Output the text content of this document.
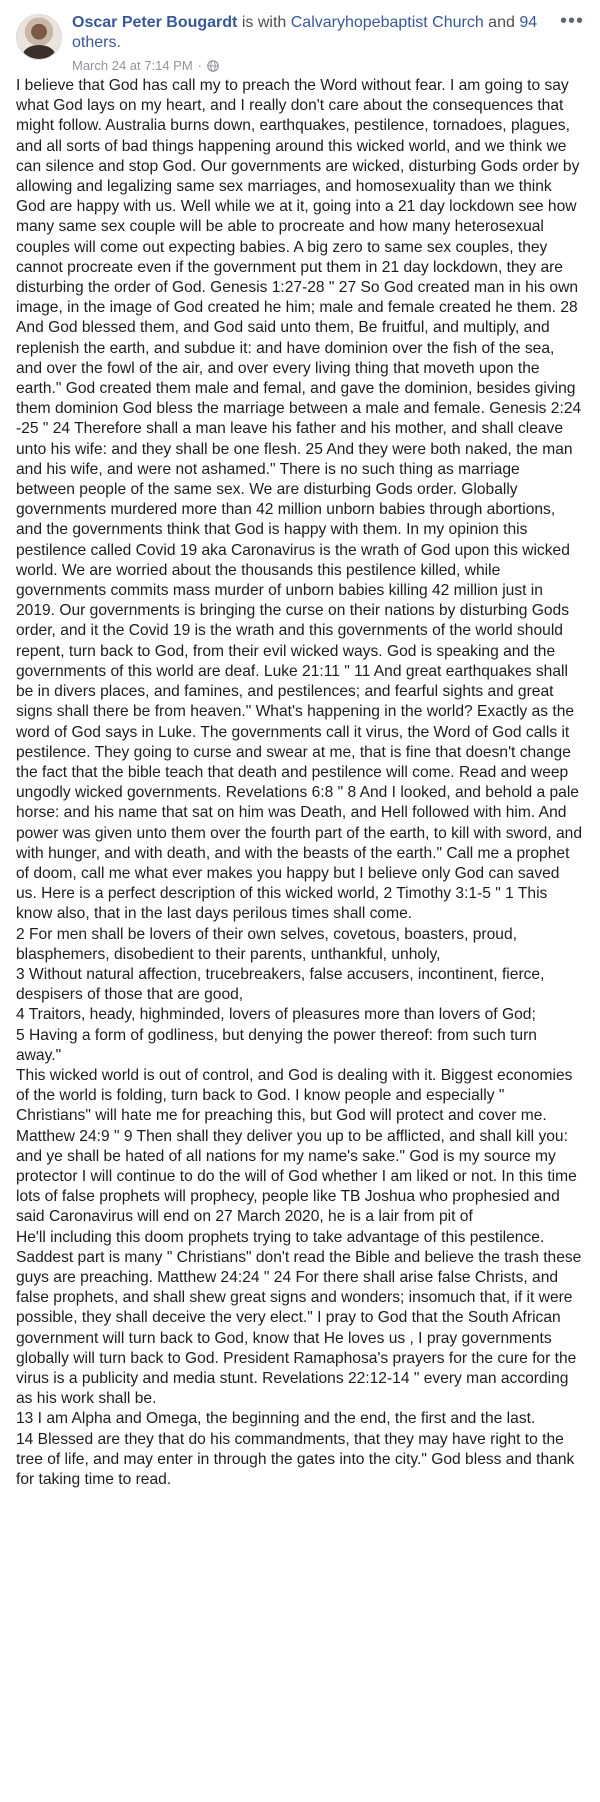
Oscar Peter Bougardt is with Calvaryhopebaptist Church and 94 others.
March 24 at 7:14 PM ·
•••
I believe that God has call my to preach the Word without fear. I am going to say what God lays on my heart, and I really don't care about the consequences that might follow. Australia burns down, earthquakes, pestilence, tornadoes, plagues, and all sorts of bad things happening around this wicked world, and we think we can silence and stop God. Our governments are wicked, disturbing Gods order by allowing and legalizing same sex marriages, and homosexuality than we think God are happy with us. Well while we at it, going into a 21 day lockdown see how many same sex couple will be able to procreate and how many heterosexual couples will come out expecting babies. A big zero to same sex couples, they cannot procreate even if the government put them in 21 day lockdown, they are disturbing the order of God. Genesis 1:27-28 " 27 So God created man in his own image, in the image of God created he him; male and female created he them. 28 And God blessed them, and God said unto them, Be fruitful, and multiply, and replenish the earth, and subdue it: and have dominion over the fish of the sea, and over the fowl of the air, and over every living thing that moveth upon the earth." God created them male and femal, and gave the dominion, besides giving them dominion God bless the marriage between a male and female. Genesis 2:24 -25 " 24 Therefore shall a man leave his father and his mother, and shall cleave unto his wife: and they shall be one flesh. 25 And they were both naked, the man and his wife, and were not ashamed." There is no such thing as marriage between people of the same sex. We are disturbing Gods order. Globally governments murdered more than 42 million unborn babies through abortions, and the governments think that God is happy with them. In my opinion this pestilence called Covid 19 aka Caronavirus is the wrath of God upon this wicked world. We are worried about the thousands this pestilence killed, while governments commits mass murder of unborn babies killing 42 million just in 2019. Our governments is bringing the curse on their nations by disturbing Gods order, and it the Covid 19 is the wrath and this governments of the world should repent, turn back to God, from their evil wicked ways. God is speaking and the governments of this world are deaf. Luke 21:11 " 11 And great earthquakes shall be in divers places, and famines, and pestilences; and fearful sights and great signs shall there be from heaven." What's happening in the world? Exactly as the word of God says in Luke. The governments call it virus, the Word of God calls it pestilence. They going to curse and swear at me, that is fine that doesn't change the fact that the bible teach that death and pestilence will come. Read and weep ungodly wicked governments. Revelations 6:8 " 8 And I looked, and behold a pale horse: and his name that sat on him was Death, and Hell followed with him. And power was given unto them over the fourth part of the earth, to kill with sword, and with hunger, and with death, and with the beasts of the earth." Call me a prophet of doom, call me what ever makes you happy but I believe only God can saved us. Here is a perfect description of this wicked world, 2 Timothy 3:1-5 " 1 This know also, that in the last days perilous times shall come.
2 For men shall be lovers of their own selves, covetous, boasters, proud, blasphemers, disobedient to their parents, unthankful, unholy,
3 Without natural affection, trucebreakers, false accusers, incontinent, fierce, despisers of those that are good,
4 Traitors, heady, highminded, lovers of pleasures more than lovers of God;
5 Having a form of godliness, but denying the power thereof: from such turn away."
This wicked world is out of control, and God is dealing with it. Biggest economies of the world is folding, turn back to God. I know people and especially " Christians" will hate me for preaching this, but God will protect and cover me. Matthew 24:9 " 9 Then shall they deliver you up to be afflicted, and shall kill you: and ye shall be hated of all nations for my name's sake." God is my source my protector I will continue to do the will of God whether I am liked or not. In this time lots of false prophets will prophecy, people like TB Joshua who prophesied and said Caronavirus will end on 27 March 2020, he is a lair from pit of
He'll including this doom prophets trying to take advantage of this pestilence. Saddest part is many " Christians" don't read the Bible and believe the trash these guys are preaching. Matthew 24:24 " 24 For there shall arise false Christs, and false prophets, and shall shew great signs and wonders; insomuch that, if it were possible, they shall deceive the very elect." I pray to God that the South African government will turn back to God, know that He loves us , I pray governments globally will turn back to God. President Ramaphosa's prayers for the cure for the virus is a publicity and media stunt. Revelations 22:12-14 " every man according as his work shall be.
13 I am Alpha and Omega, the beginning and the end, the first and the last.
14 Blessed are they that do his commandments, that they may have right to the tree of life, and may enter in through the gates into the city." God bless and thank for taking time to read.
